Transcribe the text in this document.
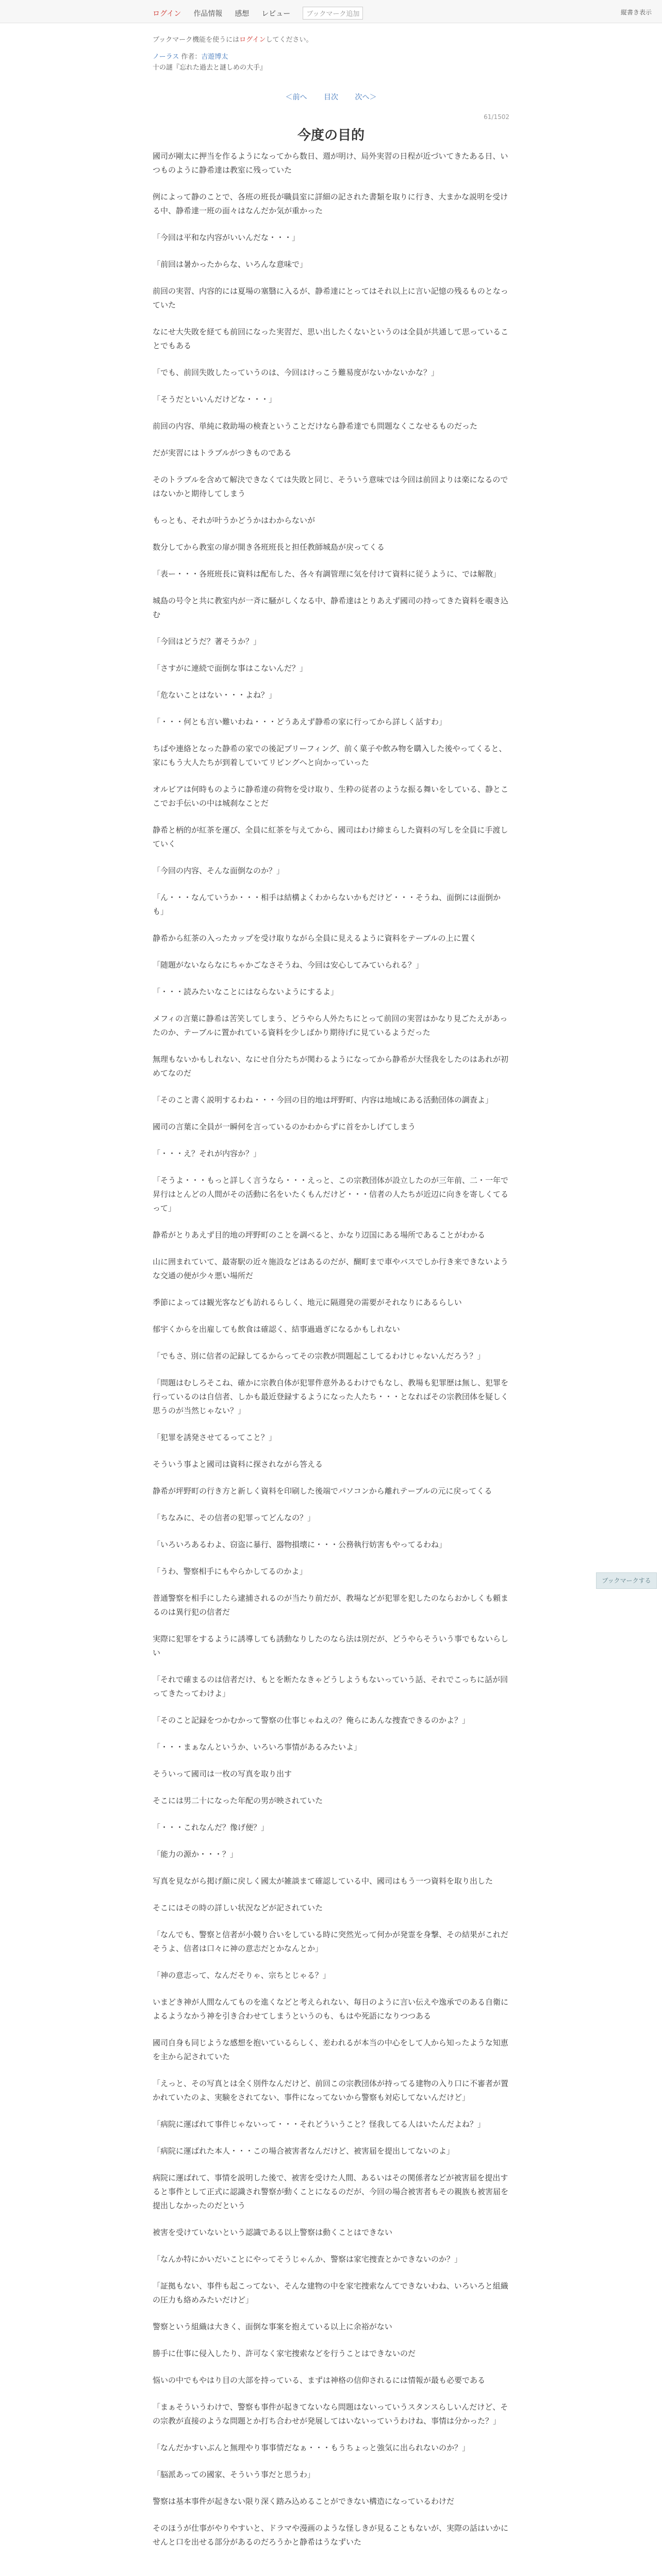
ログイン 作品情報 感想 レビュー	ブックマーク追加	縦書き表示
ブックマーク機能を使うにはログインしてください。
ノーラス 作者：吉遊博太
十の謎『忘れた過去と謎しめの大手』
＜前へ 目次 次へ＞
61/1502
今度の目的

國司が剛太に押当を作るようになってから数日、週が明け、局外実習の日程が近づいてきたある日、いつものように静希達は教室に残っていた

例によって静のことで、各班の班長が職員室に詳細の記された書類を取りに行き、大まかな説明を受ける中、静希達一班の面々はなんだか気が重かった

「今回は平和な内容がいいんだな・・・」

「前回は暑かったからな、いろんな意味で」

前回の実習、内容的には夏場の塞翳に入るが、静希達にとってはそれ以上に言い記憶の残るものとなっていた

なにせ大失敗を経ても前回になった実習だ、思い出したくないというのは全員が共通して思っていることでもある

「でも、前回失敗したっていうのは、今回はけっこう難易度がないかないかな？」

「そうだといいんだけどな・・・」

前回の内容、単純に救助場の検査ということだけなら静希達でも問題なくこなせるものだった

だが実習にはトラブルがつきものである

そのトラブルを含めて解決できなくては失敗と同じ、そういう意味では今回は前回よりは楽になるのではないかと期待してしまう

もっとも、それが叶うかどうかはわからないが

数分してから教室の扉が開き各班班長と担任教師城島が戻ってくる

「表ー・・・各班班長に資料は配布した、各々有調管理に気を付けて資料に従うように、では解散」

城島の号令と共に教室内が一斉に騒がしくなる中、静希達はとりあえず國司の持ってきた資料を覗き込む

「今回はどうだ？著そうか？」

「さすがに連続で面倒な事はこないんだ？」

「危ないことはない・・・よね？」

「・・・何とも言い難いわね・・・どうあえず静希の家に行ってから詳しく話すわ」

ちぱや連絡となった静希の家での後記ブリーフィング、前く菓子や飲み物を購入した後やってくると、家にもう大人たちが到着していてリビングへと向かっていった

オルビアは何時ものように静希達の荷物を受け取り、生粋の従者のような振る舞いをしている、静とここでお手伝いの中は城刹なことだ

静希と柄的が紅茶を運び、全員に紅茶を与えてから、國司はわけ締まらした資料の写しを全員に手渡していく

「今回の内容、そんな面倒なのか？」

「ん・・・なんていうか・・・相手は結構よくわからないかもだけど・・・そうね、面倒には面倒かも」

静希から紅茶の入ったカップを受け取りながら全員に見えるように資料をテーブルの上に置く

「随題がないならなにちゃかごなさそうね、今回は安心してみていられる？」

「・・・読みたいなことにはならないようにするよ」

メフィの言葉に静希は苦笑してしまう、どうやら人外たちにとって前回の実習はかなり見ごたえがあったのか、テーブルに置かれている資料を少しばかり期待げに見ているようだった

無理もないかもしれない、なにせ自分たちが関わるようになってから静希が大怪我をしたのはあれが初めてなのだ

「そのこと書く説明するわね・・・今回の目的地は坪野町、内容は地域にある活動団体の調査よ」

國司の言葉に全員が一瞬何を言っているのかわからずに首をかしげてしまう

「・・・え？それが内容か？」

「そうよ・・・もっと詳しく言うなら・・・えっと、この宗教団体が設立したのが三年前、二・一年で昇行はとんどの人間がその活動に名をいたくもんだけど・・・信者の人たちが近辺に向きを寄しくてるって」

静希がとりあえず目的地の坪野町のことを調べると、かなり辺国にある場所であることがわかる

山に囲まれていて、最寄駅の近々施設などはあるのだが、醐町まで車やバスでしか行き来できないような交通の便が少々悪い場所だ

季節によっては観光客なども訪れるらしく、地元に隔週発の需要がそれなりにあるらしい

郁宇くからを出雇しても飲食は確認く、結事過過ぎになるかもしれない

「でもさ、別に信者の記録してるからってその宗教が問題起こしてるわけじゃないんだろう？」

「問題はむしろそこね、確かに宗教自体が犯罪件意外あるわけでもなし、教場も犯罪歴は無し、犯罪を行っているのは自信者、しかも最近登録するようになった人たち・・・となればその宗教団体を疑しく思うのが当然じゃない？」

「犯罪を誘発させてるってこと？」

そういう事よと國司は資料に探されながら答える

静希が坪野町の行き方と新しく資料を印刷した後端でパソコンから離れテーブルの元に戻ってくる

「ちなみに、その信者の犯罪ってどんなの？」

「いろいろあるわよ、窃盗に暴行、器物損壊に・・・公務執行妨害もやってるわね」

「うわ、警察相手にもやらかしてるのかよ」

普通警察を相手にしたら逮捕されるのが当たり前だが、教場などが犯罪を犯したのならおかしくも頼まるのは異行犯の信者だ

実際に犯罪をするように誘導しても誘動なりしたのなら法は別だが、どうやらそういう事でもないらしい

「それで確まるのは信者だけ、もとを断たなきゃどうしようもないっていう話、それでこっちに話が回ってきたってわけよ」

「そのこと記録をつかむかって警察の仕事じゃねえの？俺らにあんな捜査できるのかよ？」

「・・・まぁなんというか、いろいろ事情があるみたいよ」

そういって國司は一枚の写真を取り出す

そこには男二十になった年配の男が映されていた

「・・・これなんだ？像げ便？」

「能力の源か・・・？」

写真を見ながら掲げ顔に戻しく國太が雑談まて確認している中、國司はもう一つ資料を取り出した

そこにはその時の詳しい状況などが記されていた

「なんでも、警察と信者が小競り合いをしている時に突然光って何かが発霊を身撃、その結果がこれだそうよ、信者は口々に神の意志だとかなんとか」

「神の意志って、なんだそりゃ、宗ちとじゃる？」

いまどき神が人間なんてものを進くなどと考えられない、毎日のように言い伝えや逸承でのある自衛によるようなかう神を引き合わせてしまうというのも、もはや死語になりつつある

國司自身も同じような感想を抱いているらしく、差われるが本当の中心をして人から知ったような知恵を主から記されていた

「えっと、その写真とは全く別件なんだけど、前回この宗教団体が持ってる建物の入り口に不審者が置かれていたのよ、実験をされてない、事件になってないから警察も対応してないんだけど」

「病院に運ばれて事件じゃないって・・・それどういうこと？怪我してる人はいたんだよね？」

「病院に運ばれた本人・・・この場合被害者なんだけど、被害届を提出してないのよ」

病院に運ばれて、事情を説明した後で、被害を受けた人間、あるいはその関係者などが被害届を提出すると事件として正式に認識され警察が動くことになるのだが、今回の場合被害者もその親族も被害届を提出しなかったのだという

被害を受けていないという認識である以上警察は動くことはできない

「なんか特にかいだいことにやってそうじゃんか、警察は家宅捜査とかできないのか？」

「証拠もない、事件も起こってない、そんな建物の中を家宅捜索なんてできないわね、いろいろと組織の圧力も絡めみたいだけど」

警察という組織は大きく、面倒な事案を抱えている以上に余裕がない

勝手に仕事に侵入したり、許可なく家宅捜索などを行うことはできないのだ

悩いの中でもやはり目の大部を持っている、まずは神格の信仰されるには情報が最も必要である

「まぁそういうわけで、警察も事件が起きてないなら問題はないっていうスタンスらしいんだけど、その宗教が直接のような問題とか打ち合わせが発展してはいないっていうわけね、事情は分かった？」

「なんだかすいぶんと無理やり事事情だなぁ・・・もうちょっと強気に出られないのか？」

「脳派あっての國家、そういう事だと思うわ」

警察は基本事件が起きない限り深く踏み込めることができない構造になっているわけだ

そのほうが仕事がやりやすいと、ドラマや漫画のような怪しきが見ることもないが、実際の話はいかにせんと口を出せる部分があるのだろうかと静希はうなずいた

ブックマークする
